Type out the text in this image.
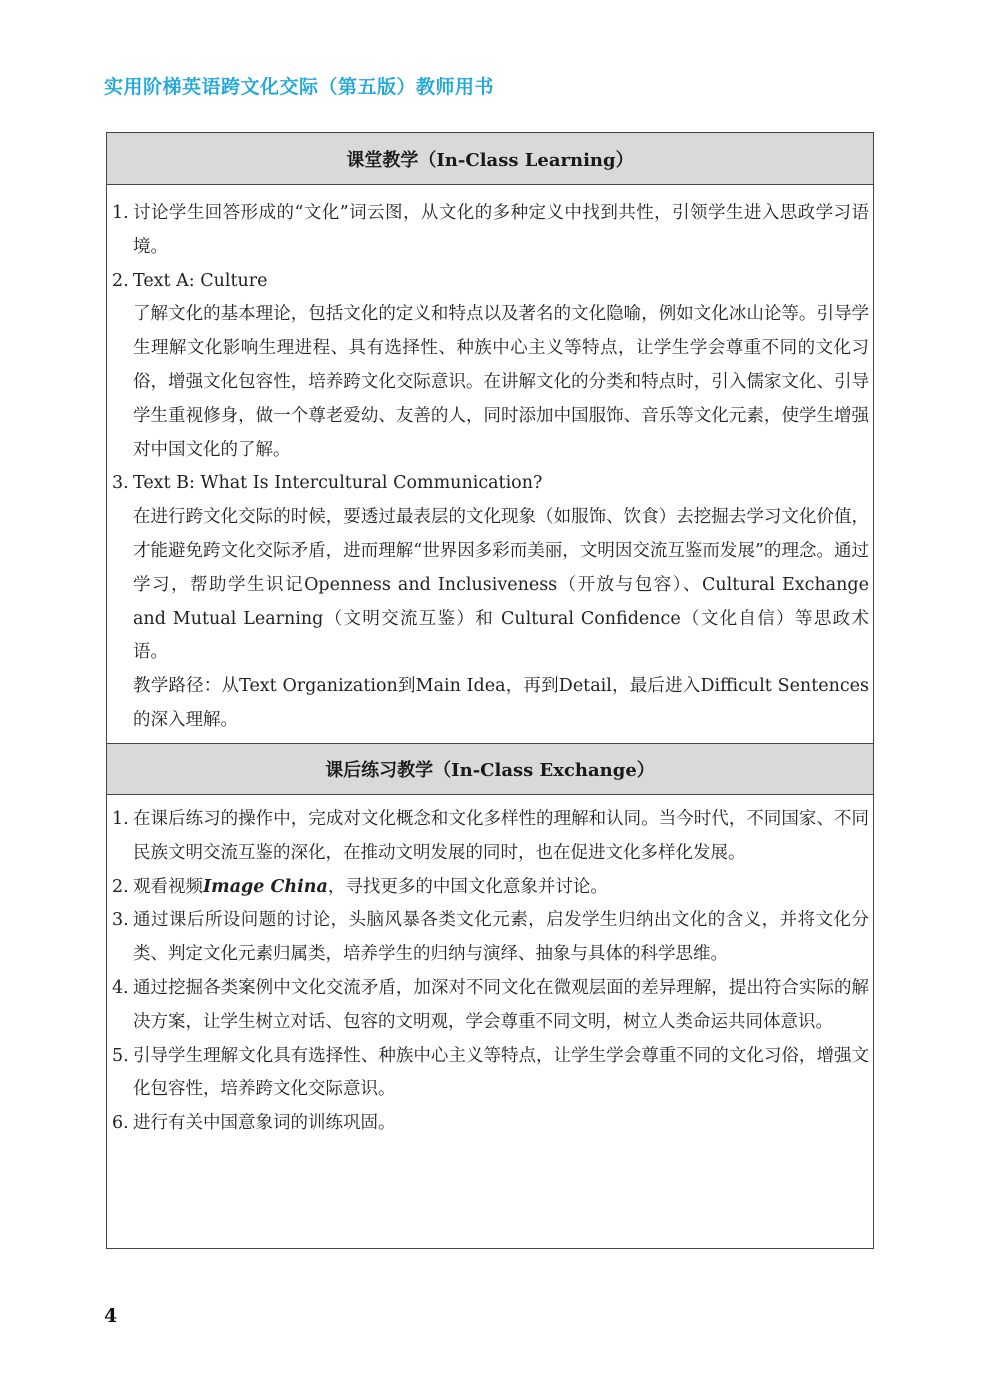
实用阶梯英语跨文化交际（第五版）教师用书
课堂教学（In-Class Learning）
1. 讨论学生回答形成的“文化”词云图，从文化的多种定义中找到共性，引领学生进入思政学习语境。
2. Text A: Culture
了解文化的基本理论，包括文化的定义和特点以及著名的文化隐喻，例如文化冰山论等。引导学生理解文化影响生理进程、具有选择性、种族中心主义等特点，让学生学会尊重不同的文化习俗，增强文化包容性，培养跨文化交际意识。在讲解文化的分类和特点时，引入儒家文化、引导学生重视修身，做一个尊老爱幼、友善的人，同时添加中国服饰、音乐等文化元素，使学生增强对中国文化的了解。
3. Text B: What Is Intercultural Communication?
在进行跨文化交际的时候，要透过最表层的文化现象（如服饰、饮食）去挖掘去学习文化价值，才能避免跨文化交际矛盾，进而理解“世界因多彩而美丽，文明因交流互鉴而发展”的理念。通过学习，帮助学生识记Openness and Inclusiveness（开放与包容）、Cultural Exchange and Mutual Learning（文明交流互鉴）和 Cultural Confidence（文化自信）等思政术语。
教学路径：从Text Organization到Main Idea，再到Detail，最后进入Difficult Sentences的深入理解。
课后练习教学（In-Class Exchange）
1. 在课后练习的操作中，完成对文化概念和文化多样性的理解和认同。当今时代，不同国家、不同民族文明交流互鉴的深化，在推动文明发展的同时，也在促进文化多样化发展。
2. 观看视频Image China，寻找更多的中国文化意象并讨论。
3. 通过课后所设问题的讨论，头脑风暴各类文化元素，启发学生归纳出文化的含义，并将文化分类、判定文化元素归属类，培养学生的归纳与演绎、抽象与具体的科学思维。
4. 通过挖掘各类案例中文化交流矛盾，加深对不同文化在微观层面的差异理解，提出符合实际的解决方案，让学生树立对话、包容的文明观，学会尊重不同文明，树立人类命运共同体意识。
5. 引导学生理解文化具有选择性、种族中心主义等特点，让学生学会尊重不同的文化习俗，增强文化包容性，培养跨文化交际意识。
6. 进行有关中国意象词的训练巩固。
4
